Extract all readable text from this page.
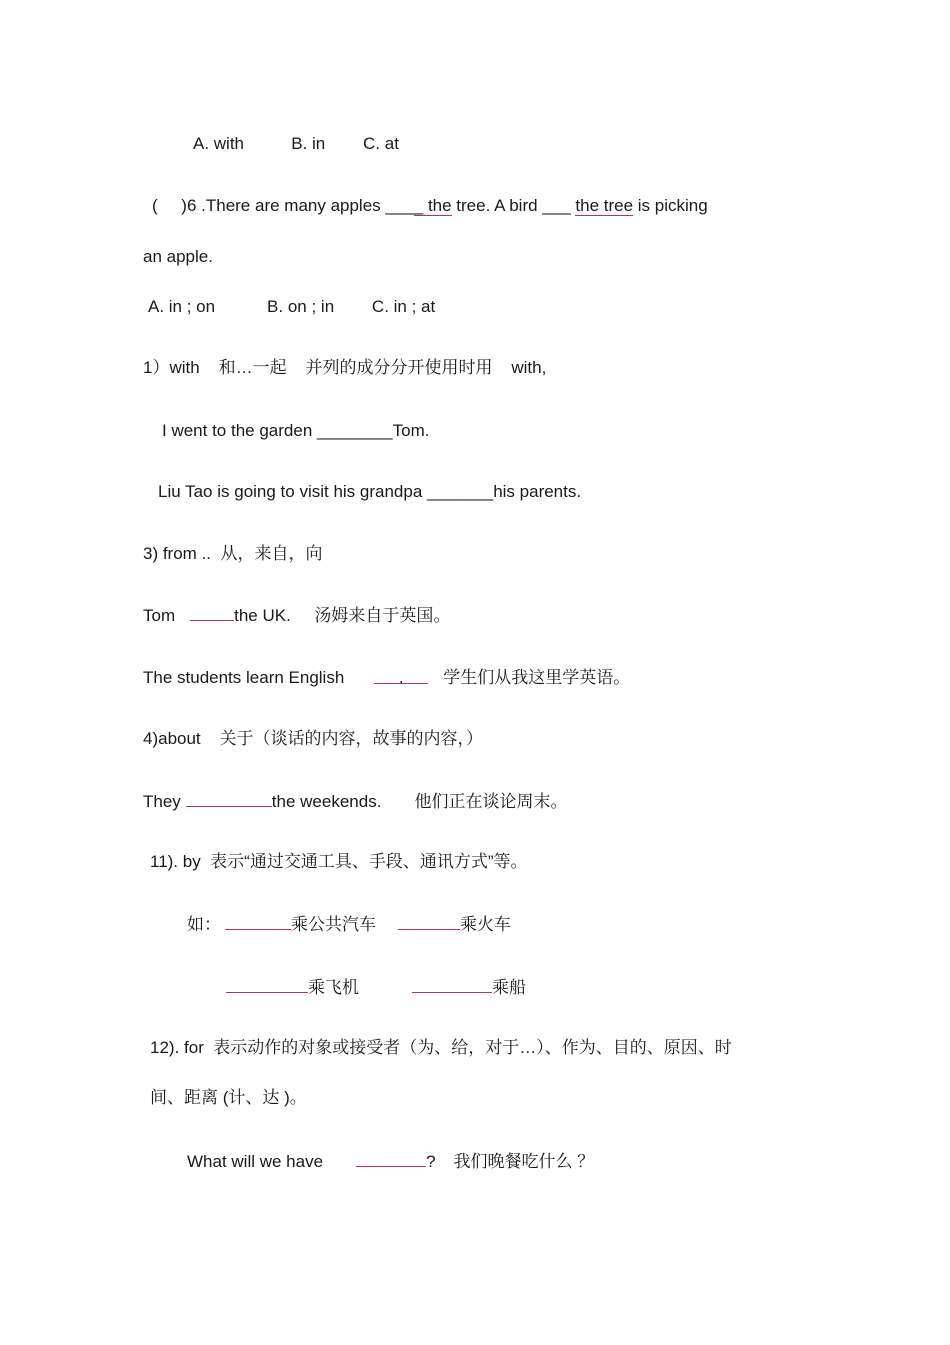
A. with          B. in        C. at
(     )6 .There are many apples ____ the tree. A bird ___ the tree is picking
an apple.
A. in ; on           B. on ; in        C. in ; at
1）with    和…一起    并列的成分分开使用时用    with,
I went to the garden ________Tom.
Liu Tao is going to visit his grandpa _______his parents.
3) from ..  从，来自，向
Tom	the UK.     汤姆来自于英国。
The students learn English	. 学生们从我这里学英语。
4)about    关于（谈话的内容，故事的内容，）
They	the weekends.       他们正在谈论周末。
11). by  表示“通过交通工具、手段、通讯方式”等。
如：	乘公共汽车	乘火车
乘飞机	乘船
12). for  表示动作的对象或接受者（为、给，对于…）、作为、目的、原因、时
间、距离 (计、达 )。
What will we have	? 我们晚餐吃什么 ？
